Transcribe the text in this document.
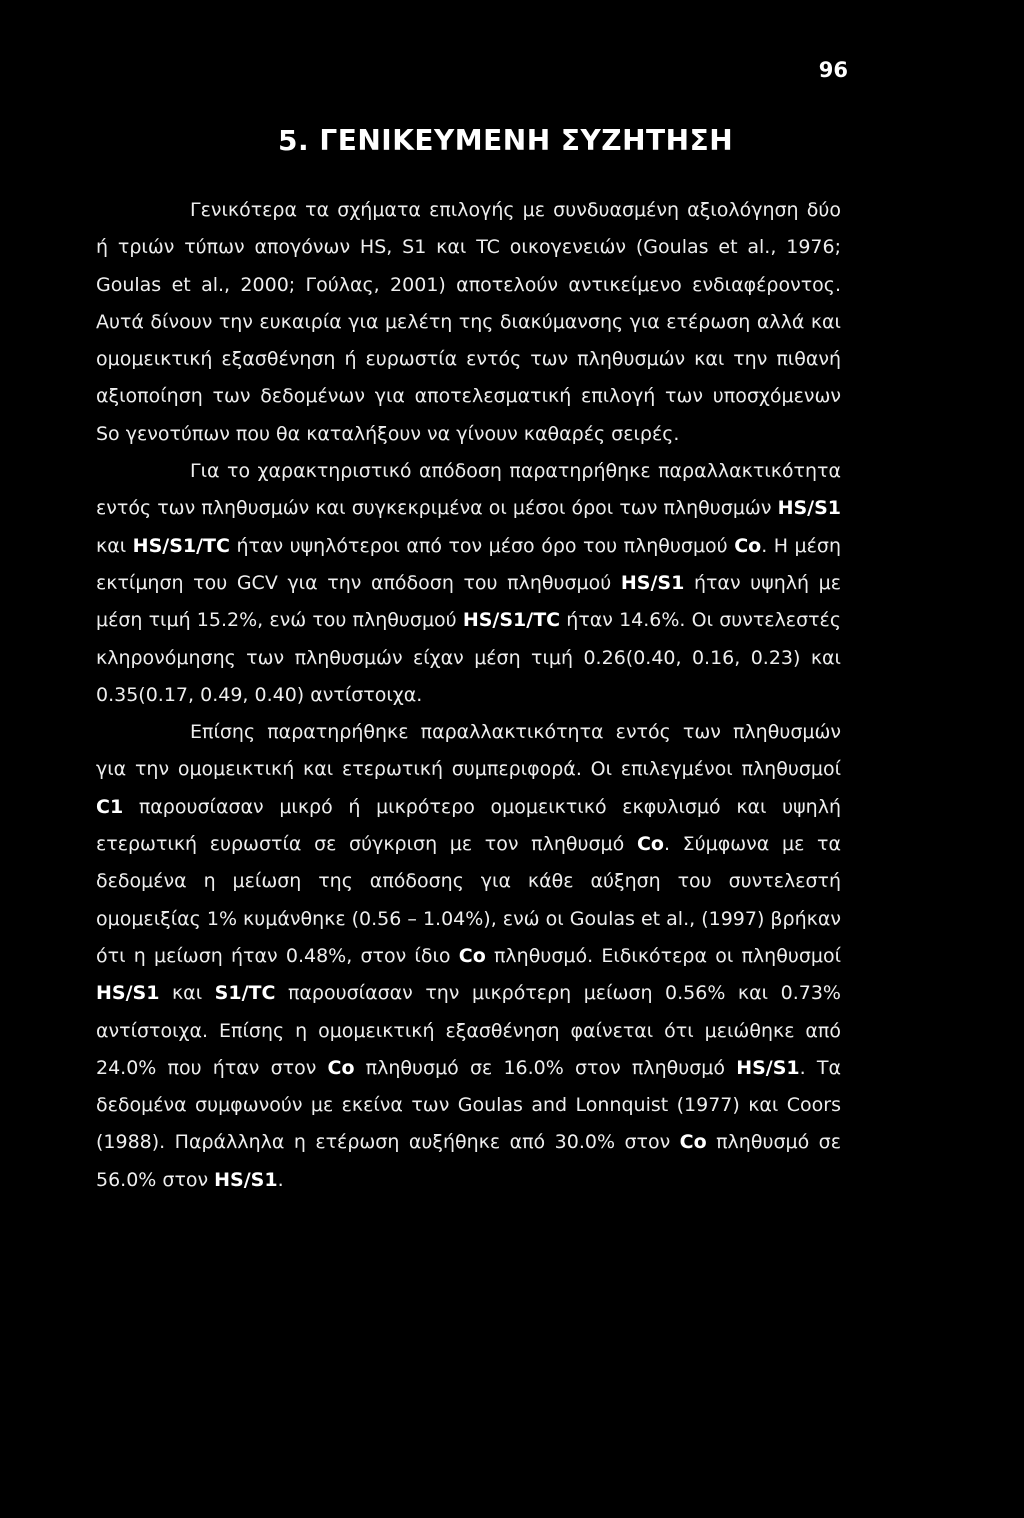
96
5. ΓΕΝΙΚΕΥΜΕΝΗ ΣΥΖΗΤΗΣΗ

Γενικότερα τα σχήματα επιλογής με συνδυασμένη αξιολόγηση δύο ή τριών τύπων απογόνων HS, S1 και TC οικογενειών (Goulas et al., 1976; Goulas et al., 2000; Γούλας, 2001) αποτελούν αντικείμενο ενδιαφέροντος. Αυτά δίνουν την ευκαιρία για μελέτη της διακύμανσης για ετέρωση αλλά και ομομεικτική εξασθένηση ή ευρωστία εντός των πληθυσμών και την πιθανή αξιοποίηση των δεδομένων για αποτελεσματική επιλογή των υποσχόμενων So γενοτύπων που θα καταλήξουν να γίνουν καθαρές σειρές.

Για το χαρακτηριστικό απόδοση παρατηρήθηκε παραλλακτικότητα εντός των πληθυσμών και συγκεκριμένα οι μέσοι όροι των πληθυσμών HS/S1 και HS/S1/TC ήταν υψηλότεροι από τον μέσο όρο του πληθυσμού Co. Η μέση εκτίμηση του GCV για την απόδοση του πληθυσμού HS/S1 ήταν υψηλή με μέση τιμή 15.2%, ενώ του πληθυσμού HS/S1/TC ήταν 14.6%. Οι συντελεστές κληρονόμησης των πληθυσμών είχαν μέση τιμή 0.26(0.40, 0.16, 0.23) και 0.35(0.17, 0.49, 0.40) αντίστοιχα.

Επίσης παρατηρήθηκε παραλλακτικότητα εντός των πληθυσμών για την ομομεικτική και ετερωτική συμπεριφορά. Οι επιλεγμένοι πληθυσμοί C1 παρουσίασαν μικρό ή μικρότερο ομομεικτικό εκφυλισμό και υψηλή ετερωτική ευρωστία σε σύγκριση με τον πληθυσμό Co. Σύμφωνα με τα δεδομένα η μείωση της απόδοσης για κάθε αύξηση του συντελεστή ομομειξίας 1% κυμάνθηκε (0.56 – 1.04%), ενώ οι Goulas et al., (1997) βρήκαν ότι η μείωση ήταν 0.48%, στον ίδιο Co πληθυσμό. Ειδικότερα οι πληθυσμοί HS/S1 και S1/TC παρουσίασαν την μικρότερη μείωση 0.56% και 0.73% αντίστοιχα. Επίσης η ομομεικτική εξασθένηση φαίνεται ότι μειώθηκε από 24.0% που ήταν στον Co πληθυσμό σε 16.0% στον πληθυσμό HS/S1. Τα δεδομένα συμφωνούν με εκείνα των Goulas and Lonnquist (1977) και Coors (1988). Παράλληλα η ετέρωση αυξήθηκε από 30.0% στον Co πληθυσμό σε 56.0% στον HS/S1.
